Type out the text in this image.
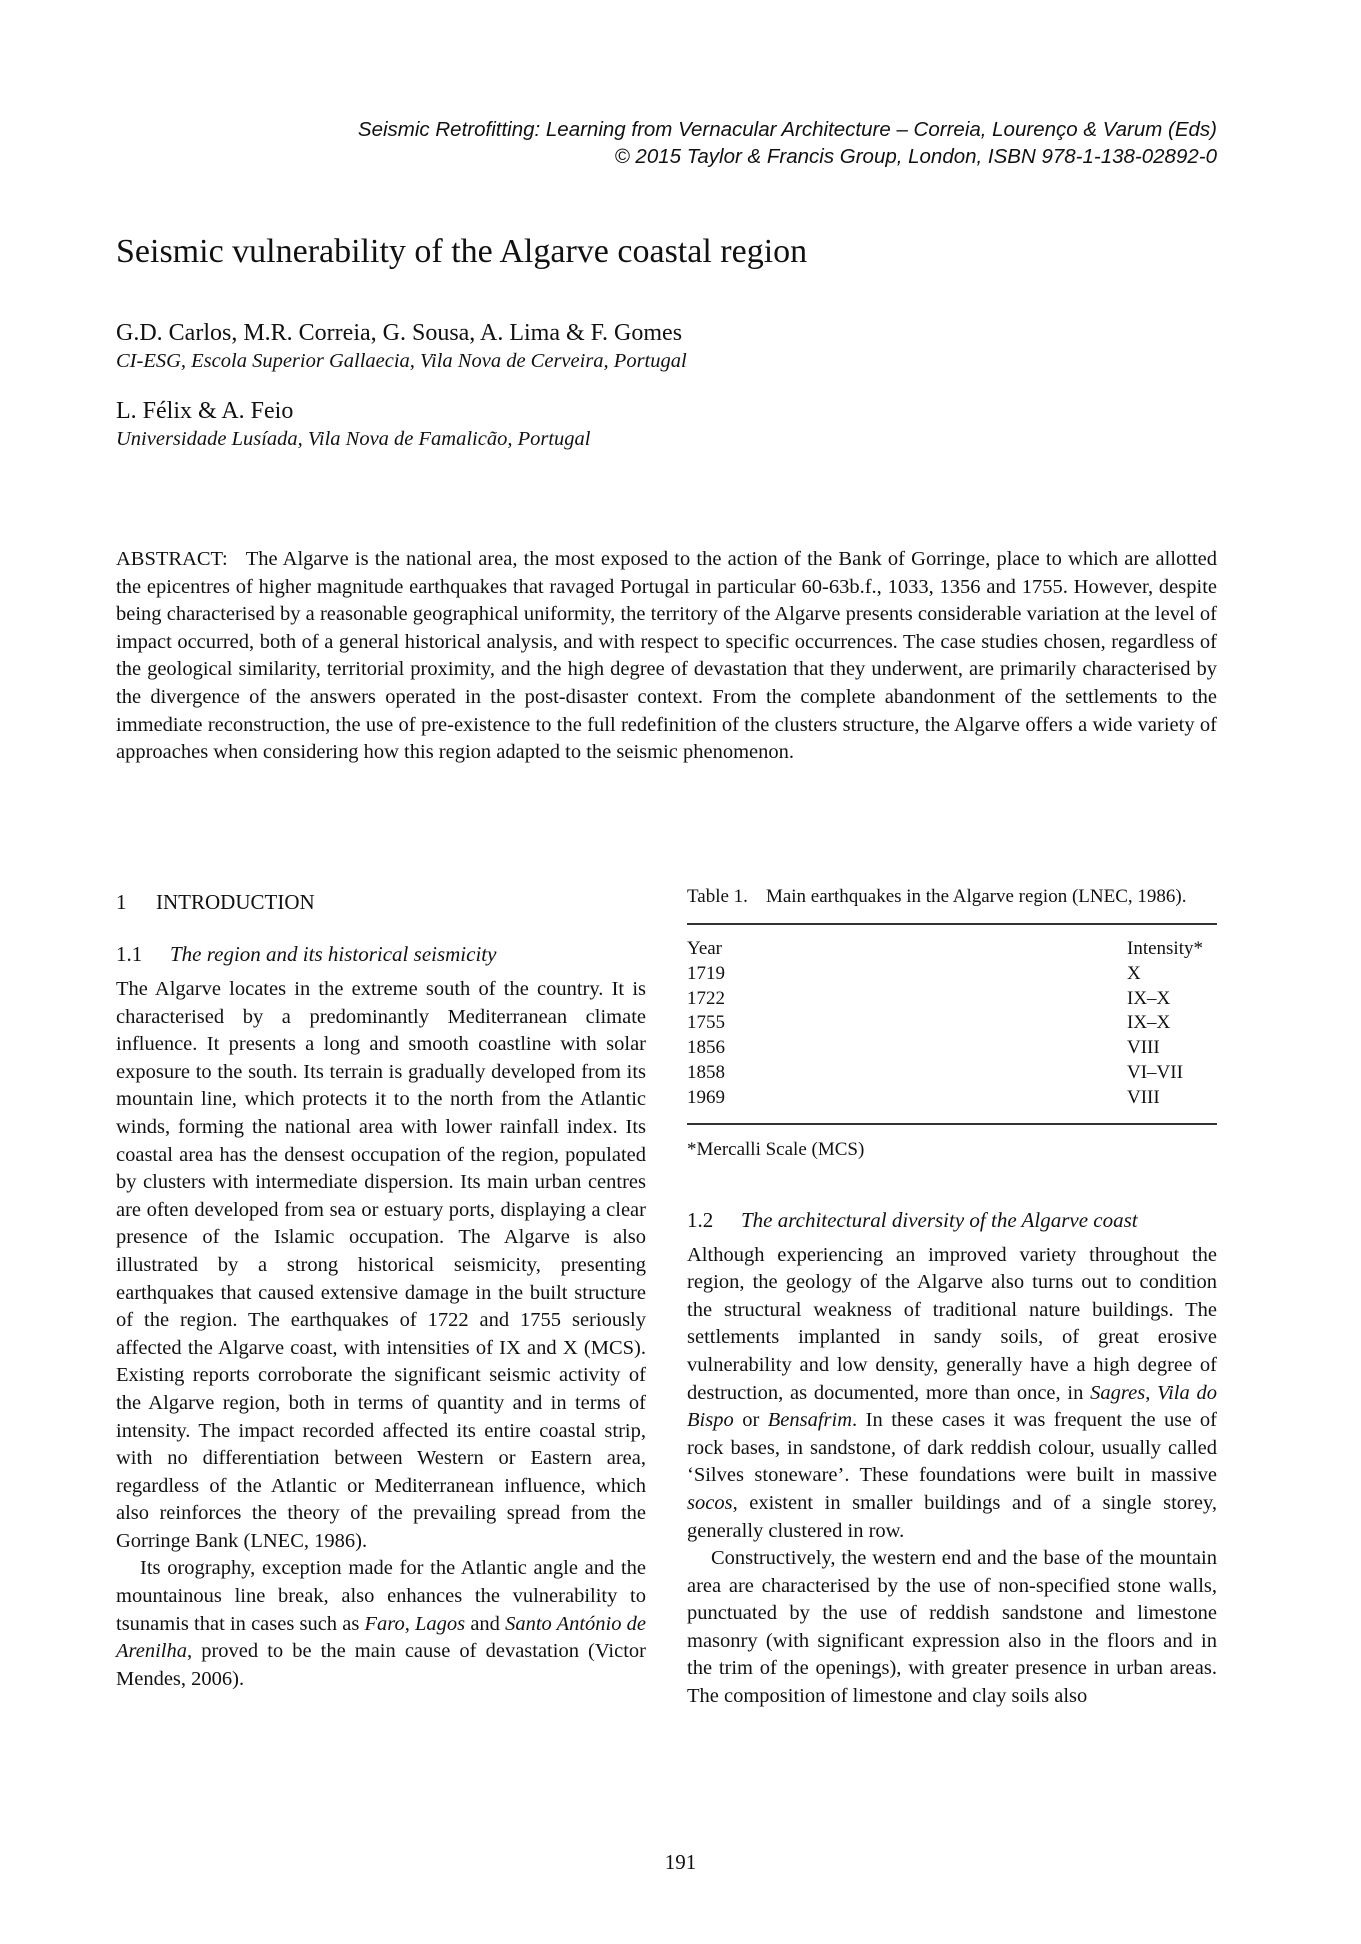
Seismic Retrofitting: Learning from Vernacular Architecture – Correia, Lourenço & Varum (Eds)
© 2015 Taylor & Francis Group, London, ISBN 978-1-138-02892-0
Seismic vulnerability of the Algarve coastal region
G.D. Carlos, M.R. Correia, G. Sousa, A. Lima & F. Gomes
CI-ESG, Escola Superior Gallaecia, Vila Nova de Cerveira, Portugal
L. Félix & A. Feio
Universidade Lusíada, Vila Nova de Famalicão, Portugal

ABSTRACT: The Algarve is the national area, the most exposed to the action of the Bank of Gorringe, place to which are allotted the epicentres of higher magnitude earthquakes that ravaged Portugal in particular 60-63b.f., 1033, 1356 and 1755. However, despite being characterised by a reasonable geographical uniformity, the territory of the Algarve presents considerable variation at the level of impact occurred, both of a general historical analysis, and with respect to specific occurrences. The case studies chosen, regardless of the geological similarity, territorial proximity, and the high degree of devastation that they underwent, are primarily characterised by the divergence of the answers operated in the post-disaster context. From the complete abandonment of the settlements to the immediate reconstruction, the use of pre-existence to the full redefinition of the clusters structure, the Algarve offers a wide variety of approaches when considering how this region adapted to the seismic phenomenon.

1 INTRODUCTION
1.1 The region and its historical seismicity

The Algarve locates in the extreme south of the country. It is characterised by a predominantly Mediterranean climate influence. It presents a long and smooth coastline with solar exposure to the south. Its terrain is gradually developed from its mountain line, which protects it to the north from the Atlantic winds, forming the national area with lower rainfall index. Its coastal area has the densest occupation of the region, populated by clusters with intermediate dispersion. Its main urban centres are often developed from sea or estuary ports, displaying a clear presence of the Islamic occupation. The Algarve is also illustrated by a strong historical seismicity, presenting earthquakes that caused extensive damage in the built structure of the region. The earthquakes of 1722 and 1755 seriously affected the Algarve coast, with intensities of IX and X (MCS). Existing reports corroborate the significant seismic activity of the Algarve region, both in terms of quantity and in terms of intensity. The impact recorded affected its entire coastal strip, with no differentiation between Western or Eastern area, regardless of the Atlantic or Mediterranean influence, which also reinforces the theory of the prevailing spread from the Gorringe Bank (LNEC, 1986).

Its orography, exception made for the Atlantic angle and the mountainous line break, also enhances the vulnerability to tsunamis that in cases such as Faro, Lagos and Santo António de Arenilha, proved to be the main cause of devastation (Victor Mendes, 2006).

Table 1. Main earthquakes in the Algarve region (LNEC, 1986).

Year	Intensity*
1719	X
1722	IX–X
1755	IX–X
1856	VIII
1858	VI–VII
1969	VIII
*Mercalli Scale (MCS)
1.2 The architectural diversity of the Algarve coast

Although experiencing an improved variety throughout the region, the geology of the Algarve also turns out to condition the structural weakness of traditional nature buildings. The settlements implanted in sandy soils, of great erosive vulnerability and low density, generally have a high degree of destruction, as documented, more than once, in Sagres, Vila do Bispo or Bensafrim. In these cases it was frequent the use of rock bases, in sandstone, of dark reddish colour, usually called ‘Silves stoneware’. These foundations were built in massive socos, existent in smaller buildings and of a single storey, generally clustered in row.

Constructively, the western end and the base of the mountain area are characterised by the use of non-specified stone walls, punctuated by the use of reddish sandstone and limestone masonry (with significant expression also in the floors and in the trim of the openings), with greater presence in urban areas. The composition of limestone and clay soils also

191
